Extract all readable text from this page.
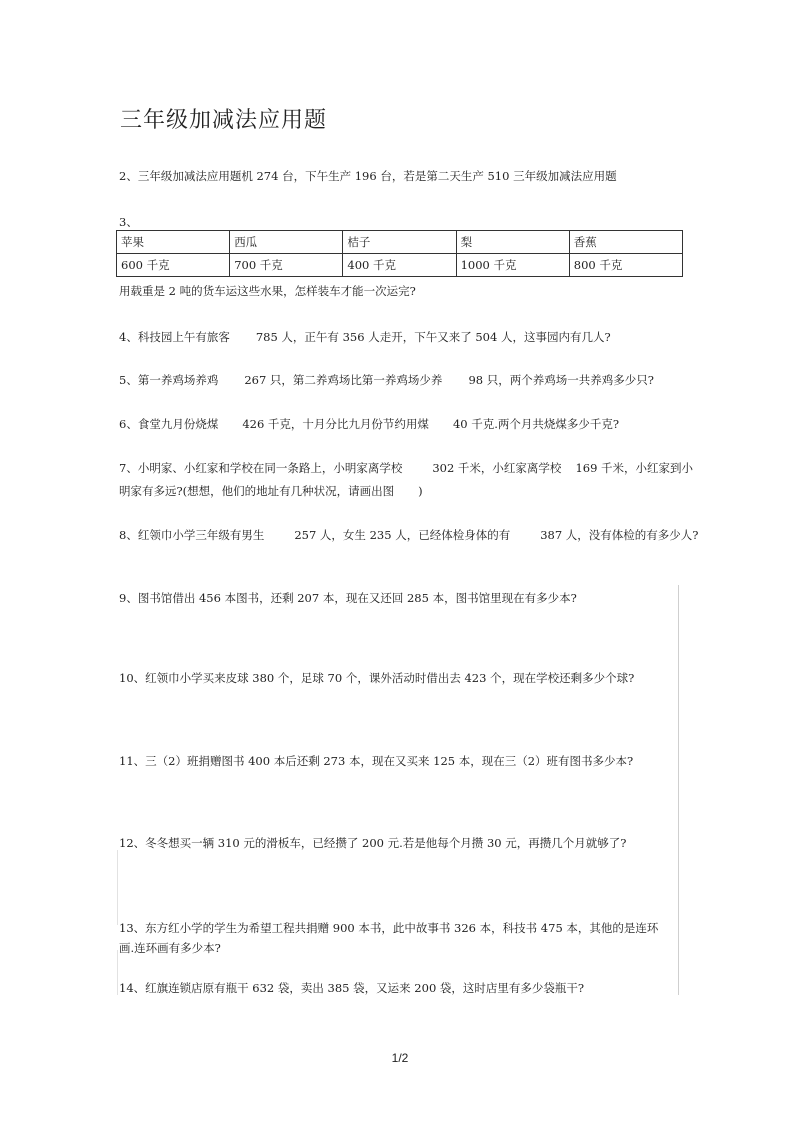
三年级加减法应用题
2、三年级加减法应用题机 274 台，下午生产 196 台，若是第二天生产 510 三年级加减法应用题
3、
苹果	西瓜	桔子	梨	香蕉
600 千克	700 千克	400 千克	1000 千克	800 千克
用载重是 2 吨的货车运这些水果，怎样装车才能一次运完?
4、科技园上午有旅客 785 人，正午有 356 人走开，下午又来了 504 人，这事园内有几人?
5、第一养鸡场养鸡 267 只，第二养鸡场比第一养鸡场少养 98 只，两个养鸡场一共养鸡多少只?
6、食堂九月份烧煤 426 千克，十月分比九月份节约用煤 40 千克.两个月共烧煤多少千克?
7、小明家、小红家和学校在同一条路上，小明家离学校	302 千米，小红家离学校 169 千米，小红家到小
明家有多远?(想想，他们的地址有几种状况，请画出图 )
8、红领巾小学三年级有男生	257 人，女生 235 人，已经体检身体的有	387 人，没有体检的有多少人?
9、图书馆借出 456 本图书，还剩 207 本，现在又还回 285 本，图书馆里现在有多少本?
10、红领巾小学买来皮球 380 个，足球 70 个，课外活动时借出去 423 个，现在学校还剩多少个球?
11、三（2）班捐赠图书 400 本后还剩 273 本，现在又买来 125 本，现在三（2）班有图书多少本?
12、冬冬想买一辆 310 元的滑板车，已经攒了 200 元.若是他每个月攒 30 元，再攒几个月就够了?
13、东方红小学的学生为希望工程共捐赠 900 本书，此中故事书 326 本，科技书 475 本，其他的是连环画.连环画有多少本?
14、红旗连锁店原有瓶干 632 袋，卖出 385 袋，又运来 200 袋，这时店里有多少袋瓶干?
1/2
